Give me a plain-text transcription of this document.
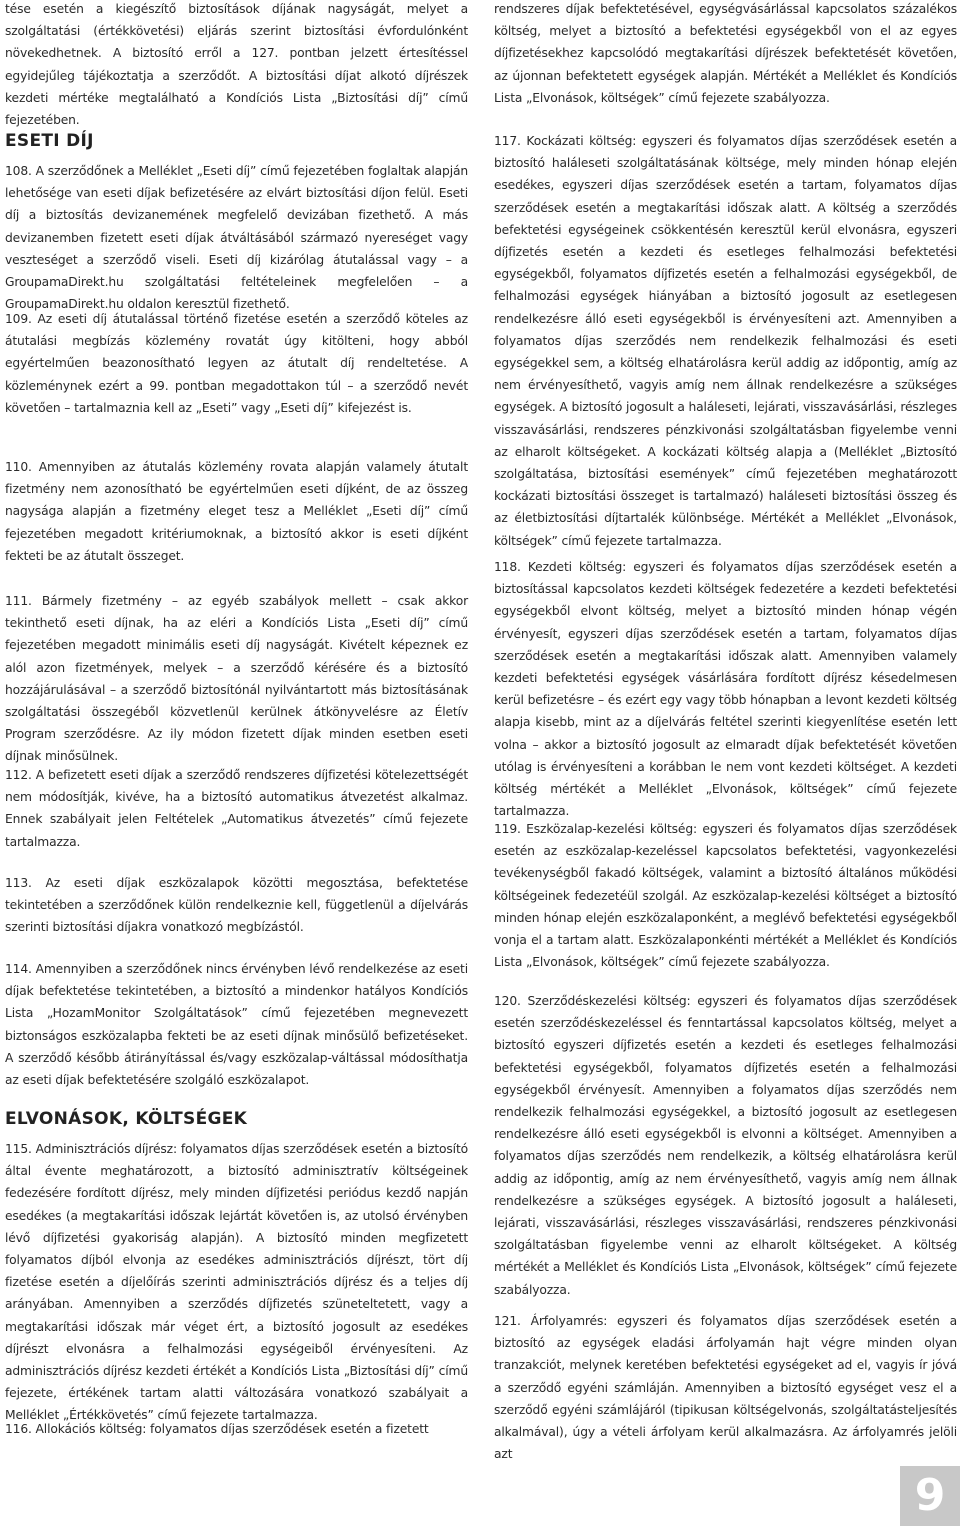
tése esetén a kiegészítő biztosítások díjának nagyságát, melyet a szolgáltatási (értékkövetési) eljárás szerint biztosítási évfordulónként növekedhetnek. A biztosító erről a 127. pontban jelzett értesítéssel egyidejűleg tájékoztatja a szerződőt. A biztosítási díjat alkotó díjrészek kezdeti mértéke megtalálható a Kondíciós Lista „Biztosítási díj” című fejezetében.

ESETI DÍJ

108. A szerződőnek a Melléklet „Eseti díj” című fejezetében foglaltak alapján lehetősége van eseti díjak befizetésére az elvárt biztosítási díjon felül. Eseti díj a biztosítás devizanemének megfelelő devizában fizethető. A más devizanemben fizetett eseti díjak átváltásából származó nyereséget vagy veszteséget a szerződő viseli. Eseti díj kizárólag átutalással vagy – a GroupamaDirekt.hu szolgáltatási feltételeinek megfelelően – a GroupamaDirekt.hu oldalon keresztül fizethető.

109. Az eseti díj átutalással történő fizetése esetén a szerződő köteles az átutalási megbízás közlemény rovatát úgy kitölteni, hogy abból egyértelműen beazonosítható legyen az átutalt díj rendeltetése. A közleménynek ezért a 99. pontban megadottakon túl – a szerződő nevét követően – tartalmaznia kell az „Eseti” vagy „Eseti díj” kifejezést is.

110. Amennyiben az átutalás közlemény rovata alapján valamely átutalt fizetmény nem azonosítható be egyértelműen eseti díjként, de az összeg nagysága alapján a fizetmény eleget tesz a Melléklet „Eseti díj” című fejezetében megadott kritériumoknak, a biztosító akkor is eseti díjként fekteti be az átutalt összeget.

111. Bármely fizetmény – az egyéb szabályok mellett – csak akkor tekinthető eseti díjnak, ha az eléri a Kondíciós Lista „Eseti díj” című fejezetében megadott minimális eseti díj nagyságát. Kivételt képeznek ez alól azon fizetmények, melyek – a szerződő kérésére és a biztosító hozzájárulásával – a szerződő biztosítónál nyilvántartott más biztosításának szolgáltatási összegéből közvetlenül kerülnek átkönyvelésre az Életív Program szerződésre. Az ily módon fizetett díjak minden esetben eseti díjnak minősülnek.

112. A befizetett eseti díjak a szerződő rendszeres díjfizetési kötelezettségét nem módosítják, kivéve, ha a biztosító automatikus átvezetést alkalmaz. Ennek szabályait jelen Feltételek „Automatikus átvezetés” című fejezete tartalmazza.

113. Az eseti díjak eszközalapok közötti megosztása, befektetése tekintetében a szerződőnek külön rendelkeznie kell, függetlenül a díjelvárás szerinti biztosítási díjakra vonatkozó megbízástól.

114. Amennyiben a szerződőnek nincs érvényben lévő rendelkezése az eseti díjak befektetése tekintetében, a biztosító a mindenkor hatályos Kondíciós Lista „HozamMonitor Szolgáltatások” című fejezetében megnevezett biztonságos eszközalapba fekteti be az eseti díjnak minősülő befizetéseket. A szerződő később átirányítással és/vagy eszközalap-váltással módosíthatja az eseti díjak befektetésére szolgáló eszközalapot.

ELVONÁSOK, KÖLTSÉGEK

115. Adminisztrációs díjrész: folyamatos díjas szerződések esetén a biztosító által évente meghatározott, a biztosító adminisztratív költségeinek fedezésére fordított díjrész, mely minden díjfizetési periódus kezdő napján esedékes (a megtakarítási időszak lejártát követően is, az utolsó érvényben lévő díjfizetési gyakoriság alapján). A biztosító minden megfizetett folyamatos díjból elvonja az esedékes adminisztrációs díjrészt, tört díj fizetése esetén a díjelőírás szerinti adminisztrációs díjrész és a teljes díj arányában. Amennyiben a szerződés díjfizetés szüneteltetett, vagy a megtakarítási időszak már véget ért, a biztosító jogosult az esedékes díjrészt elvonásra a felhalmozási egységeiből érvényesíteni. Az adminisztrációs díjrész kezdeti értékét a Kondíciós Lista „Biztosítási díj” című fejezete, értékének tartam alatti változására vonatkozó szabályait a Melléklet „Értékkövetés” című fejezete tartalmazza.

116. Allokációs költség: folyamatos díjas szerződések esetén a fizetett

rendszeres díjak befektetésével, egységvásárlással kapcsolatos százalékos költség, melyet a biztosító a befektetési egységekből von el az egyes díjfizetésekhez kapcsolódó megtakarítási díjrészek befektetését követően, az újonnan befektetett egységek alapján. Mértékét a Melléklet és Kondíciós Lista „Elvonások, költségek” című fejezete szabályozza.

117. Kockázati költség: egyszeri és folyamatos díjas szerződések esetén a biztosító haláleseti szolgáltatásának költsége, mely minden hónap elején esedékes, egyszeri díjas szerződések esetén a tartam, folyamatos díjas szerződések esetén a megtakarítási időszak alatt. A költség a szerződés befektetési egységeinek csökkentésén keresztül kerül elvonásra, egyszeri díjfizetés esetén a kezdeti és esetleges felhalmozási befektetési egységekből, folyamatos díjfizetés esetén a felhalmozási egységekből, de felhalmozási egységek hiányában a biztosító jogosult az esetlegesen rendelkezésre álló eseti egységekből is érvényesíteni azt. Amennyiben a folyamatos díjas szerződés nem rendelkezik felhalmozási és eseti egységekkel sem, a költség elhatárolásra kerül addig az időpontig, amíg az nem érvényesíthető, vagyis amíg nem állnak rendelkezésre a szükséges egységek. A biztosító jogosult a haláleseti, lejárati, visszavásárlási, részleges visszavásárlási, rendszeres pénzkivonási szolgáltatásban figyelembe venni az elharolt költségeket. A kockázati költség alapja a (Melléklet „Biztosító szolgáltatása, biztosítási események” című fejezetében meghatározott kockázati biztosítási összeget is tartalmazó) haláleseti biztosítási összeg és az életbiztosítási díjtartalék különbsége. Mértékét a Melléklet „Elvonások, költségek” című fejezete tartalmazza.

118. Kezdeti költség: egyszeri és folyamatos díjas szerződések esetén a biztosítással kapcsolatos kezdeti költségek fedezetére a kezdeti befektetési egységekből elvont költség, melyet a biztosító minden hónap végén érvényesít, egyszeri díjas szerződések esetén a tartam, folyamatos díjas szerződések esetén a megtakarítási időszak alatt. Amennyiben valamely kezdeti befektetési egységek vásárlására fordított díjrész késedelmesen kerül befizetésre – és ezért egy vagy több hónapban a levont kezdeti költség alapja kisebb, mint az a díjelvárás feltétel szerinti kiegyenlítése esetén lett volna – akkor a biztosító jogosult az elmaradt díjak befektetését követően utólag is érvényesíteni a korábban le nem vont kezdeti költséget. A kezdeti költség mértékét a Melléklet „Elvonások, költségek” című fejezete tartalmazza.

119. Eszközalap-kezelési költség: egyszeri és folyamatos díjas szerződések esetén az eszközalap-kezeléssel kapcsolatos befektetési, vagyonkezelési tevékenységből fakadó költségek, valamint a biztosító általános működési költségeinek fedezetéül szolgál. Az eszközalap-kezelési költséget a biztosító minden hónap elején eszközalaponként, a meglévő befektetési egységekből vonja el a tartam alatt. Eszközalaponkénti mértékét a Melléklet és Kondíciós Lista „Elvonások, költségek” című fejezete szabályozza.

120. Szerződéskezelési költség: egyszeri és folyamatos díjas szerződések esetén szerződéskezeléssel és fenntartással kapcsolatos költség, melyet a biztosító egyszeri díjfizetés esetén a kezdeti és esetleges felhalmozási befektetési egységekből, folyamatos díjfizetés esetén a felhalmozási egységekből érvényesít. Amennyiben a folyamatos díjas szerződés nem rendelkezik felhalmozási egységekkel, a biztosító jogosult az esetlegesen rendelkezésre álló eseti egységekből is elvonni a költséget. Amennyiben a folyamatos díjas szerződés nem rendelkezik, a költség elhatárolásra kerül addig az időpontig, amíg az nem érvényesíthető, vagyis amíg nem állnak rendelkezésre a szükséges egységek. A biztosító jogosult a haláleseti, lejárati, visszavásárlási, részleges visszavásárlási, rendszeres pénzkivonási szolgáltatásban figyelembe venni az elharolt költségeket. A költség mértékét a Melléklet és Kondíciós Lista „Elvonások, költségek” című fejezete szabályozza.

121. Árfolyamrés: egyszeri és folyamatos díjas szerződések esetén a biztosító az egységek eladási árfolyamán hajt végre minden olyan tranzakciót, melynek keretében befektetési egységeket ad el, vagyis ír jóvá a szerződő egyéni számláján. Amennyiben a biztosító egységet vesz el a szerződő egyéni számlájáról (tipikusan költségelvonás, szolgáltatásteljesítés alkalmával), úgy a vételi árfolyam kerül alkalmazásra. Az árfolyamrés jelöli azt

9
